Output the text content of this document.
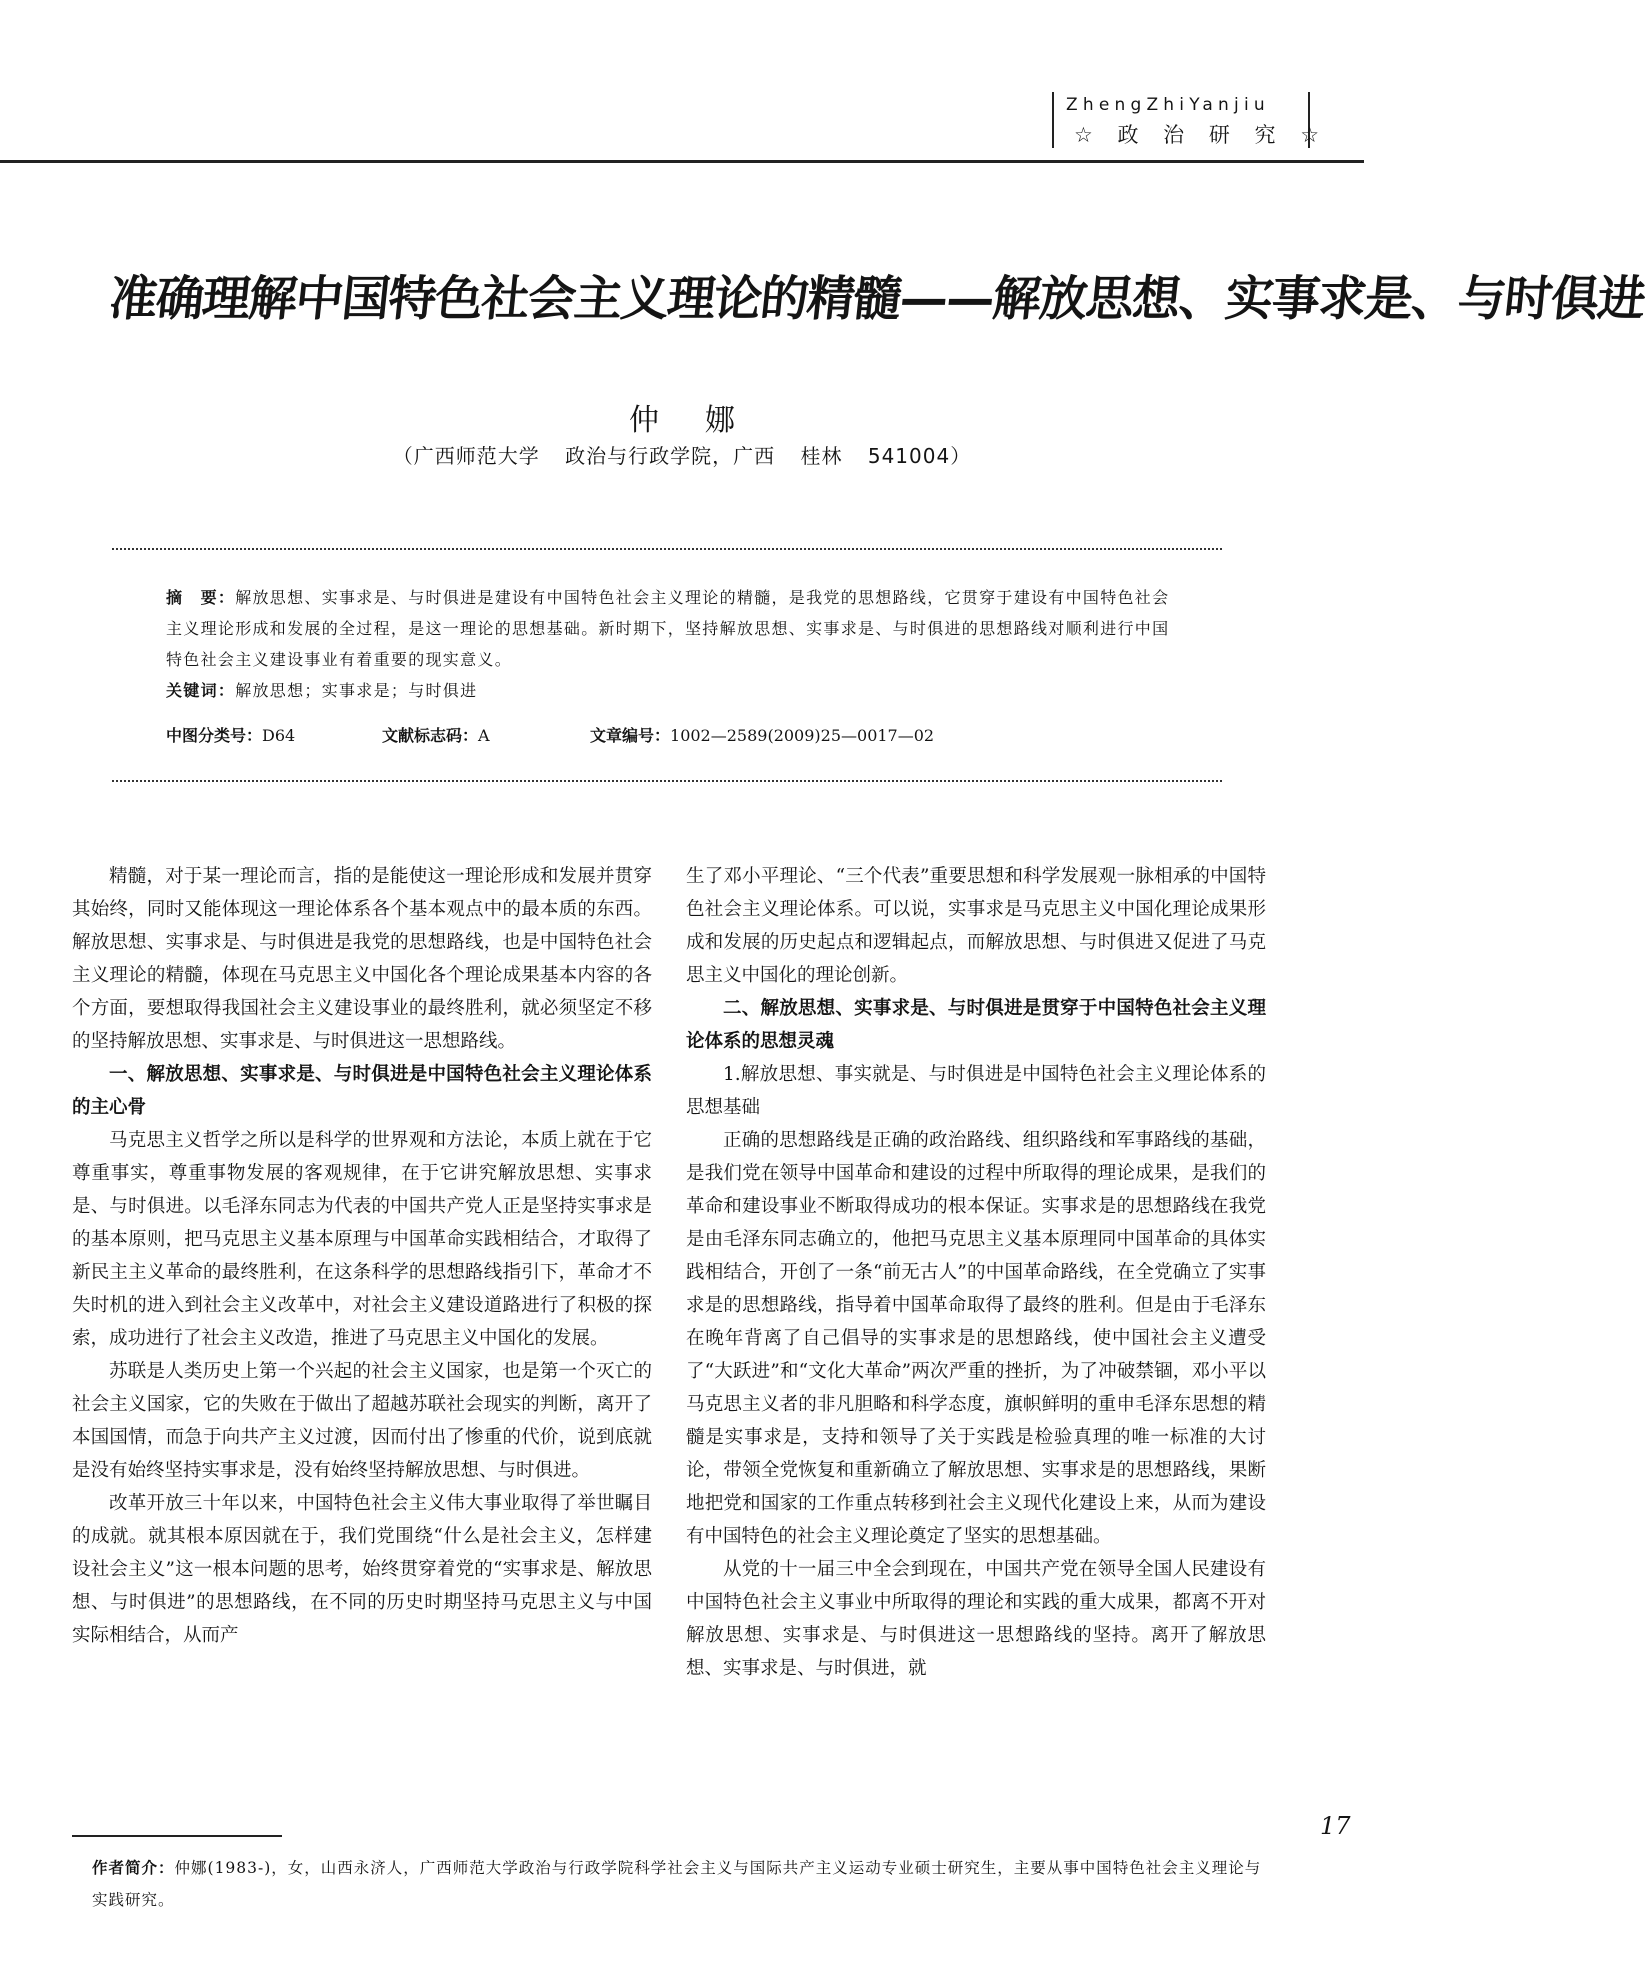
ZhengZhiYanjiu
☆ 政 治 研 究 ☆
准确理解中国特色社会主义理论的精髓——解放思想、实事求是、与时俱进
仲娜
（广西师范大学 政治与行政学院，广西 桂林 541004）
摘　要：解放思想、实事求是、与时俱进是建设有中国特色社会主义理论的精髓，是我党的思想路线，它贯穿于建设有中国特色社会主义理论形成和发展的全过程，是这一理论的思想基础。新时期下，坚持解放思想、实事求是、与时俱进的思想路线对顺利进行中国特色社会主义建设事业有着重要的现实意义。
关键词：解放思想；实事求是；与时俱进
中图分类号：D64	文献标志码：A	文章编号：1002—2589(2009)25—0017—02

精髓，对于某一理论而言，指的是能使这一理论形成和发展并贯穿其始终，同时又能体现这一理论体系各个基本观点中的最本质的东西。解放思想、实事求是、与时俱进是我党的思想路线，也是中国特色社会主义理论的精髓，体现在马克思主义中国化各个理论成果基本内容的各个方面，要想取得我国社会主义建设事业的最终胜利，就必须坚定不移的坚持解放思想、实事求是、与时俱进这一思想路线。

一、解放思想、实事求是、与时俱进是中国特色社会主义理论体系的主心骨

马克思主义哲学之所以是科学的世界观和方法论，本质上就在于它尊重事实，尊重事物发展的客观规律，在于它讲究解放思想、实事求是、与时俱进。以毛泽东同志为代表的中国共产党人正是坚持实事求是的基本原则，把马克思主义基本原理与中国革命实践相结合，才取得了新民主主义革命的最终胜利，在这条科学的思想路线指引下，革命才不失时机的进入到社会主义改革中，对社会主义建设道路进行了积极的探索，成功进行了社会主义改造，推进了马克思主义中国化的发展。

苏联是人类历史上第一个兴起的社会主义国家，也是第一个灭亡的社会主义国家，它的失败在于做出了超越苏联社会现实的判断，离开了本国国情，而急于向共产主义过渡，因而付出了惨重的代价，说到底就是没有始终坚持实事求是，没有始终坚持解放思想、与时俱进。

改革开放三十年以来，中国特色社会主义伟大事业取得了举世瞩目的成就。就其根本原因就在于，我们党围绕“什么是社会主义，怎样建设社会主义”这一根本问题的思考，始终贯穿着党的“实事求是、解放思想、与时俱进”的思想路线，在不同的历史时期坚持马克思主义与中国实际相结合，从而产

生了邓小平理论、“三个代表”重要思想和科学发展观一脉相承的中国特色社会主义理论体系。可以说，实事求是马克思主义中国化理论成果形成和发展的历史起点和逻辑起点，而解放思想、与时俱进又促进了马克思主义中国化的理论创新。

二、解放思想、实事求是、与时俱进是贯穿于中国特色社会主义理论体系的思想灵魂

1.解放思想、事实就是、与时俱进是中国特色社会主义理论体系的思想基础

正确的思想路线是正确的政治路线、组织路线和军事路线的基础，是我们党在领导中国革命和建设的过程中所取得的理论成果，是我们的革命和建设事业不断取得成功的根本保证。实事求是的思想路线在我党是由毛泽东同志确立的，他把马克思主义基本原理同中国革命的具体实践相结合，开创了一条“前无古人”的中国革命路线，在全党确立了实事求是的思想路线，指导着中国革命取得了最终的胜利。但是由于毛泽东在晚年背离了自己倡导的实事求是的思想路线，使中国社会主义遭受了“大跃进”和“文化大革命”两次严重的挫折，为了冲破禁锢，邓小平以马克思主义者的非凡胆略和科学态度，旗帜鲜明的重申毛泽东思想的精髓是实事求是，支持和领导了关于实践是检验真理的唯一标准的大讨论，带领全党恢复和重新确立了解放思想、实事求是的思想路线，果断地把党和国家的工作重点转移到社会主义现代化建设上来，从而为建设有中国特色的社会主义理论奠定了坚实的思想基础。

从党的十一届三中全会到现在，中国共产党在领导全国人民建设有中国特色社会主义事业中所取得的理论和实践的重大成果，都离不开对解放思想、实事求是、与时俱进这一思想路线的坚持。离开了解放思想、实事求是、与时俱进，就

作者简介：仲娜(1983-)，女，山西永济人，广西师范大学政治与行政学院科学社会主义与国际共产主义运动专业硕士研究生，主要从事中国特色社会主义理论与实践研究。
17
